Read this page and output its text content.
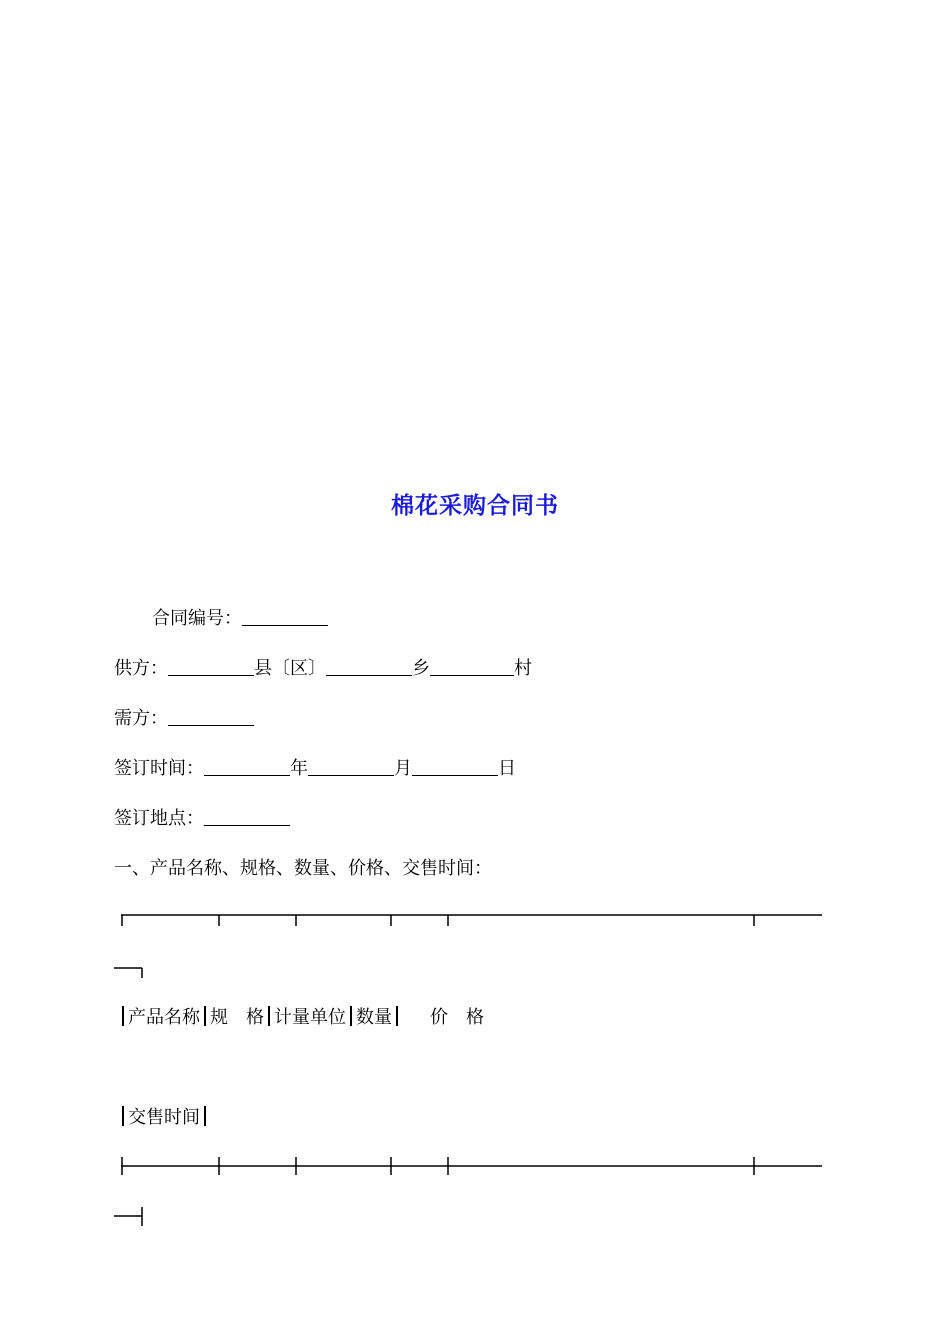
棉花采购合同书
合同编号：
供方：	县〔区〕	乡	村
需方：
签订时间：	年	月	日
签订地点：
一、产品名称、规格、数量、价格、交售时间：
产品名称 规　格 计量单位 数量 价　格
交售时间
